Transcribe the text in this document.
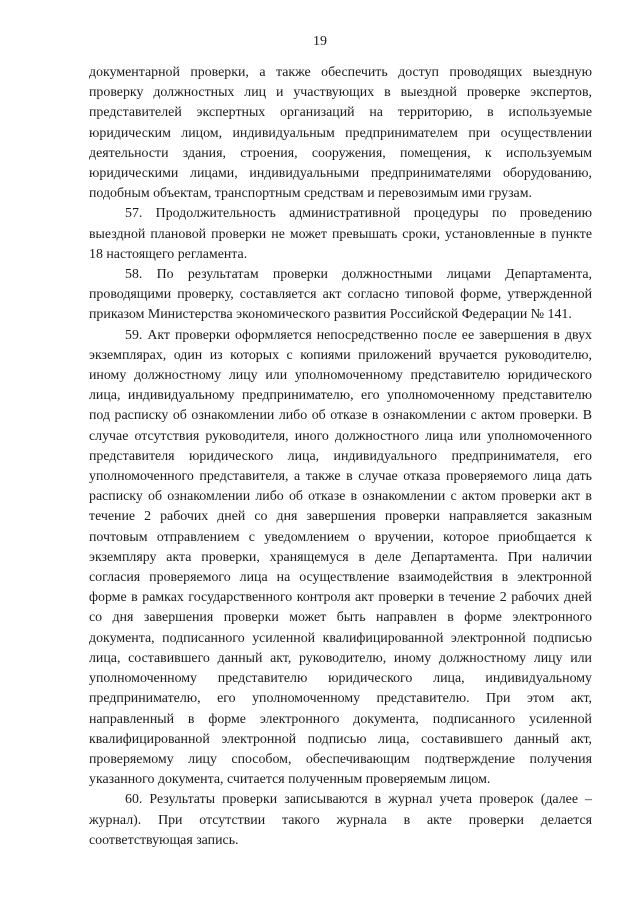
19

документарной проверки, а также обеспечить доступ проводящих выездную проверку должностных лиц и участвующих в выездной проверке экспертов, представителей экспертных организаций на территорию, в используемые юридическим лицом, индивидуальным предпринимателем при осуществлении деятельности здания, строения, сооружения, помещения, к используемым юридическими лицами, индивидуальными предпринимателями оборудованию, подобным объектам, транспортным средствам и перевозимым ими грузам.

57. Продолжительность административной процедуры по проведению выездной плановой проверки не может превышать сроки, установленные в пункте 18 настоящего регламента.

58. По результатам проверки должностными лицами Департамента, проводящими проверку, составляется акт согласно типовой форме, утвержденной приказом Министерства экономического развития Российской Федерации № 141.

59. Акт проверки оформляется непосредственно после ее завершения в двух экземплярах, один из которых с копиями приложений вручается руководителю, иному должностному лицу или уполномоченному представителю юридического лица, индивидуальному предпринимателю, его уполномоченному представителю под расписку об ознакомлении либо об отказе в ознакомлении с актом проверки. В случае отсутствия руководителя, иного должностного лица или уполномоченного представителя юридического лица, индивидуального предпринимателя, его уполномоченного представителя, а также в случае отказа проверяемого лица дать расписку об ознакомлении либо об отказе в ознакомлении с актом проверки акт в течение 2 рабочих дней со дня завершения проверки направляется заказным почтовым отправлением с уведомлением о вручении, которое приобщается к экземпляру акта проверки, хранящемуся в деле Департамента. При наличии согласия проверяемого лица на осуществление взаимодействия в электронной форме в рамках государственного контроля акт проверки в течение 2 рабочих дней со дня завершения проверки может быть направлен в форме электронного документа, подписанного усиленной квалифицированной электронной подписью лица, составившего данный акт, руководителю, иному должностному лицу или уполномоченному представителю юридического лица, индивидуальному предпринимателю, его уполномоченному представителю. При этом акт, направленный в форме электронного документа, подписанного усиленной квалифицированной электронной подписью лица, составившего данный акт, проверяемому лицу способом, обеспечивающим подтверждение получения указанного документа, считается полученным проверяемым лицом.

60. Результаты проверки записываются в журнал учета проверок (далее – журнал). При отсутствии такого журнала в акте проверки делается соответствующая запись.
